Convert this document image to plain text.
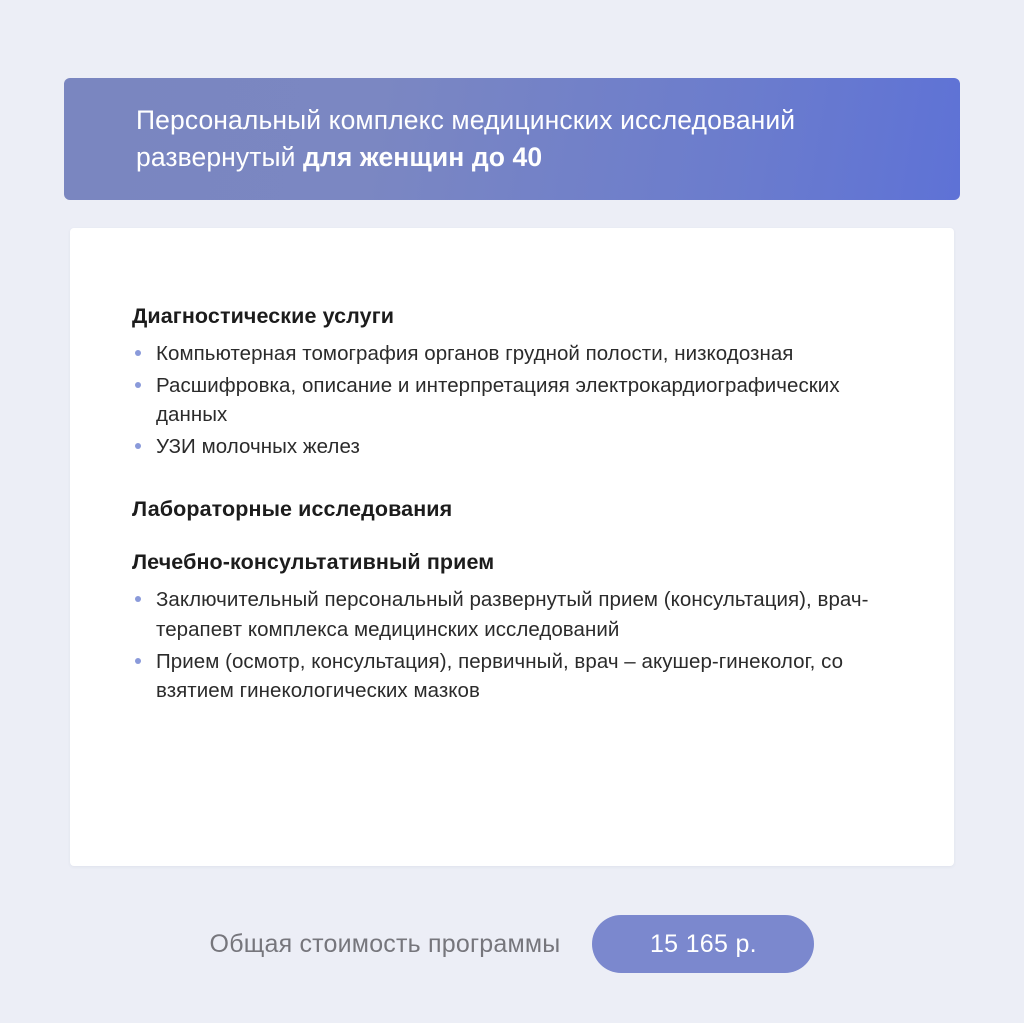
Персональный комплекс медицинских исследований развернутый для женщин до 40
Диагностические услуги
Компьютерная томография органов грудной полости, низкодозная
Расшифровка, описание и интерпретацияя электрокардиографических данных
УЗИ молочных желез
Лабораторные исследования
Лечебно-консультативный прием
Заключительный персональный развернутый прием (консультация), врач-терапевт комплекса медицинских исследований
Прием (осмотр, консультация), первичный, врач – акушер-гинеколог, со взятием гинекологических мазков
Общая стоимость программы	15 165 р.
